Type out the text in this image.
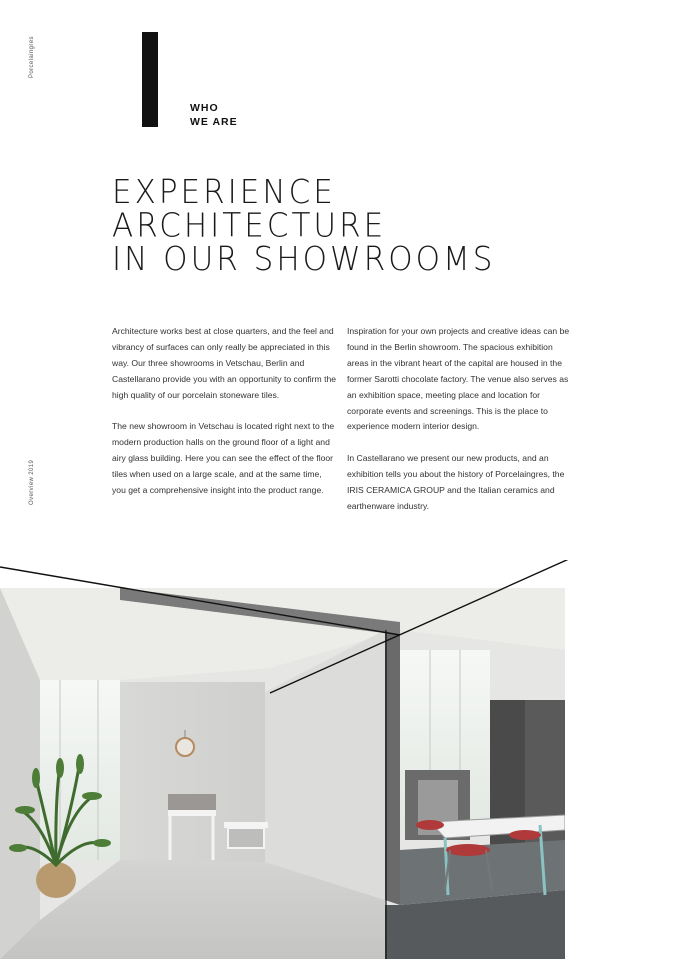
Porcelaingres
Overview 2019
WHO
WE ARE
EXPERIENCE
ARCHITECTURE
IN OUR SHOWROOMS

Architecture works best at close quarters, and the feel and vibrancy of surfaces can only really be appreciated in this way. Our three showrooms in Vetschau, Berlin and Castellarano provide you with an opportunity to confirm the high quality of our porcelain stoneware tiles.

The new showroom in Vetschau is located right next to the modern production halls on the ground floor of a light and airy glass building. Here you can see the effect of the floor tiles when used on a large scale, and at the same time, you get a comprehensive insight into the product range.

Inspiration for your own projects and creative ideas can be found in the Berlin showroom. The spacious exhibition areas in the vibrant heart of the capital are housed in the former Sarotti chocolate factory. The venue also serves as an exhibition space, meeting place and location for corporate events and screenings. This is the place to experience modern interior design.

In Castellarano we present our new products, and an exhibition tells you about the history of Porcelaingres, the IRIS CERAMICA GROUP and the Italian ceramics and earthenware industry.
